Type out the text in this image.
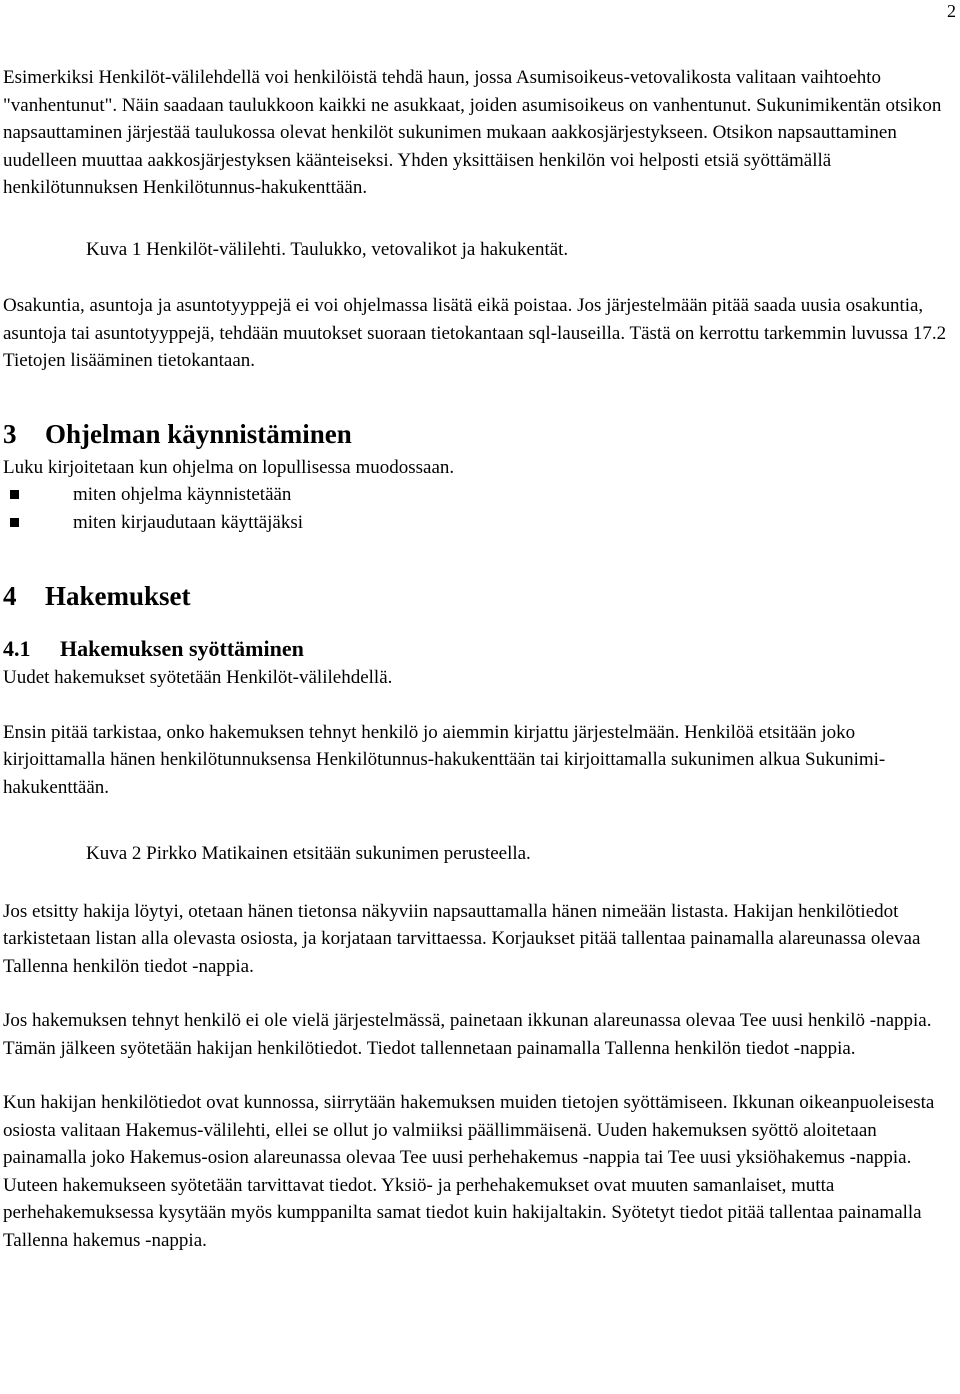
2

Esimerkiksi Henkilöt-välilehdellä voi henkilöistä tehdä haun, jossa Asumisoikeus-vetovalikosta valitaan vaihtoehto "vanhentunut". Näin saadaan taulukkoon kaikki ne asukkaat, joiden asumisoikeus on vanhentunut. Sukunimikentän otsikon napsauttaminen järjestää taulukossa olevat henkilöt sukunimen mukaan aakkosjärjestykseen. Otsikon napsauttaminen uudelleen muuttaa aakkosjärjestyksen käänteiseksi. Yhden yksittäisen henkilön voi helposti etsiä syöttämällä henkilötunnuksen Henkilötunnus-hakukenttään.

Kuva 1 Henkilöt-välilehti. Taulukko, vetovalikot ja hakukentät.

Osakuntia, asuntoja ja asuntotyyppejä ei voi ohjelmassa lisätä eikä poistaa. Jos järjestelmään pitää saada uusia osakuntia, asuntoja tai asuntotyyppejä, tehdään muutokset suoraan tietokantaan sql-lauseilla. Tästä on kerrottu tarkemmin luvussa 17.2 Tietojen lisääminen tietokantaan.

3	Ohjelman käynnistäminen

Luku kirjoitetaan kun ohjelma on lopullisessa muodossaan.

miten ohjelma käynnistetään
miten kirjaudutaan käyttäjäksi
4	Hakemukset
4.1	Hakemuksen syöttäminen

Uudet hakemukset syötetään Henkilöt-välilehdellä.

Ensin pitää tarkistaa, onko hakemuksen tehnyt henkilö jo aiemmin kirjattu järjestelmään. Henkilöä etsitään joko kirjoittamalla hänen henkilötunnuksensa Henkilötunnus-hakukenttään tai kirjoittamalla sukunimen alkua Sukunimi-hakukenttään.

Kuva 2 Pirkko Matikainen etsitään sukunimen perusteella.

Jos etsitty hakija löytyi, otetaan hänen tietonsa näkyviin napsauttamalla hänen nimeään listasta. Hakijan henkilötiedot tarkistetaan listan alla olevasta osiosta, ja korjataan tarvittaessa. Korjaukset pitää tallentaa painamalla alareunassa olevaa Tallenna henkilön tiedot -nappia.

Jos hakemuksen tehnyt henkilö ei ole vielä järjestelmässä, painetaan ikkunan alareunassa olevaa Tee uusi henkilö -nappia. Tämän jälkeen syötetään hakijan henkilötiedot. Tiedot tallennetaan painamalla Tallenna henkilön tiedot -nappia.

Kun hakijan henkilötiedot ovat kunnossa, siirrytään hakemuksen muiden tietojen syöttämiseen. Ikkunan oikeanpuoleisesta osiosta valitaan Hakemus-välilehti, ellei se ollut jo valmiiksi päällimmäisenä. Uuden hakemuksen syöttö aloitetaan painamalla joko Hakemus-osion alareunassa olevaa Tee uusi perhehakemus -nappia tai Tee uusi yksiöhakemus -nappia. Uuteen hakemukseen syötetään tarvittavat tiedot. Yksiö- ja perhehakemukset ovat muuten samanlaiset, mutta perhehakemuksessa kysytään myös kumppanilta samat tiedot kuin hakijaltakin. Syötetyt tiedot pitää tallentaa painamalla Tallenna hakemus -nappia.
